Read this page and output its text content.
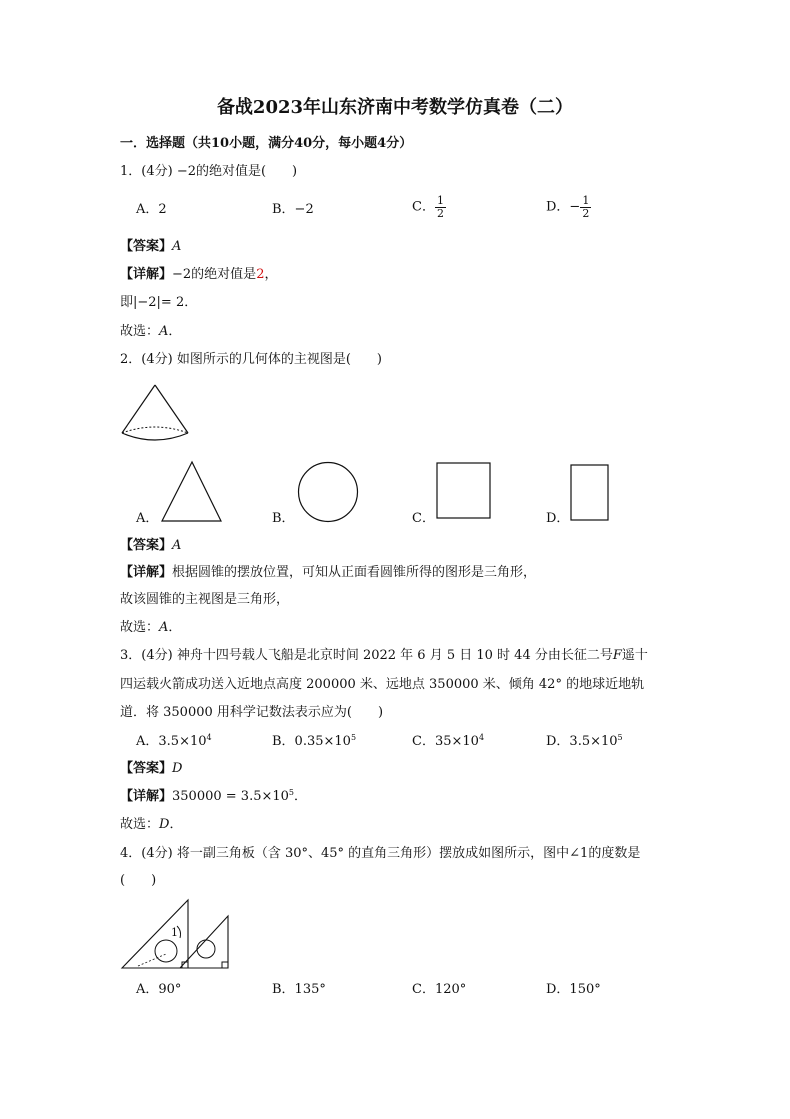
备战2023年山东济南中考数学仿真卷（二）
一．选择题（共10小题，满分40分，每小题4分）
1．(4分) −2的绝对值是(　　)
A．2	B．−2	C． $\frac{1}{2}$	D．− $\frac{1}{2}$
【答案】A
【详解】−2的绝对值是2，
即|−2|= 2．
故选：A．
2．(4分) 如图所示的几何体的主视图是(　　)
A．	B．	C．	D．
【答案】A
【详解】根据圆锥的摆放位置，可知从正面看圆锥所得的图形是三角形，
故该圆锥的主视图是三角形，
故选：A．
3．(4分) 神舟十四号载人飞船是北京时间 2022 年 6 月 5 日 10 时 44 分由长征二号F遥十
四运载火箭成功送入近地点高度 200000 米、远地点 350000 米、倾角 42° 的地球近地轨
道．将 350000 用科学记数法表示应为(　　)
A．$3.5\times 10^4$	B．$0.35\times 10^5$	C．$35\times 10^4$	D．$3.5\times 10^5$
【答案】D
【详解】$350000 = 3.5\times 10^5$．
故选：D．
4．(4分) 将一副三角板（含 30°、45° 的直角三角形）摆放成如图所示，图中∠1的度数是
(　　)
1
A．90°	B．135°	C．120°	D．150°
